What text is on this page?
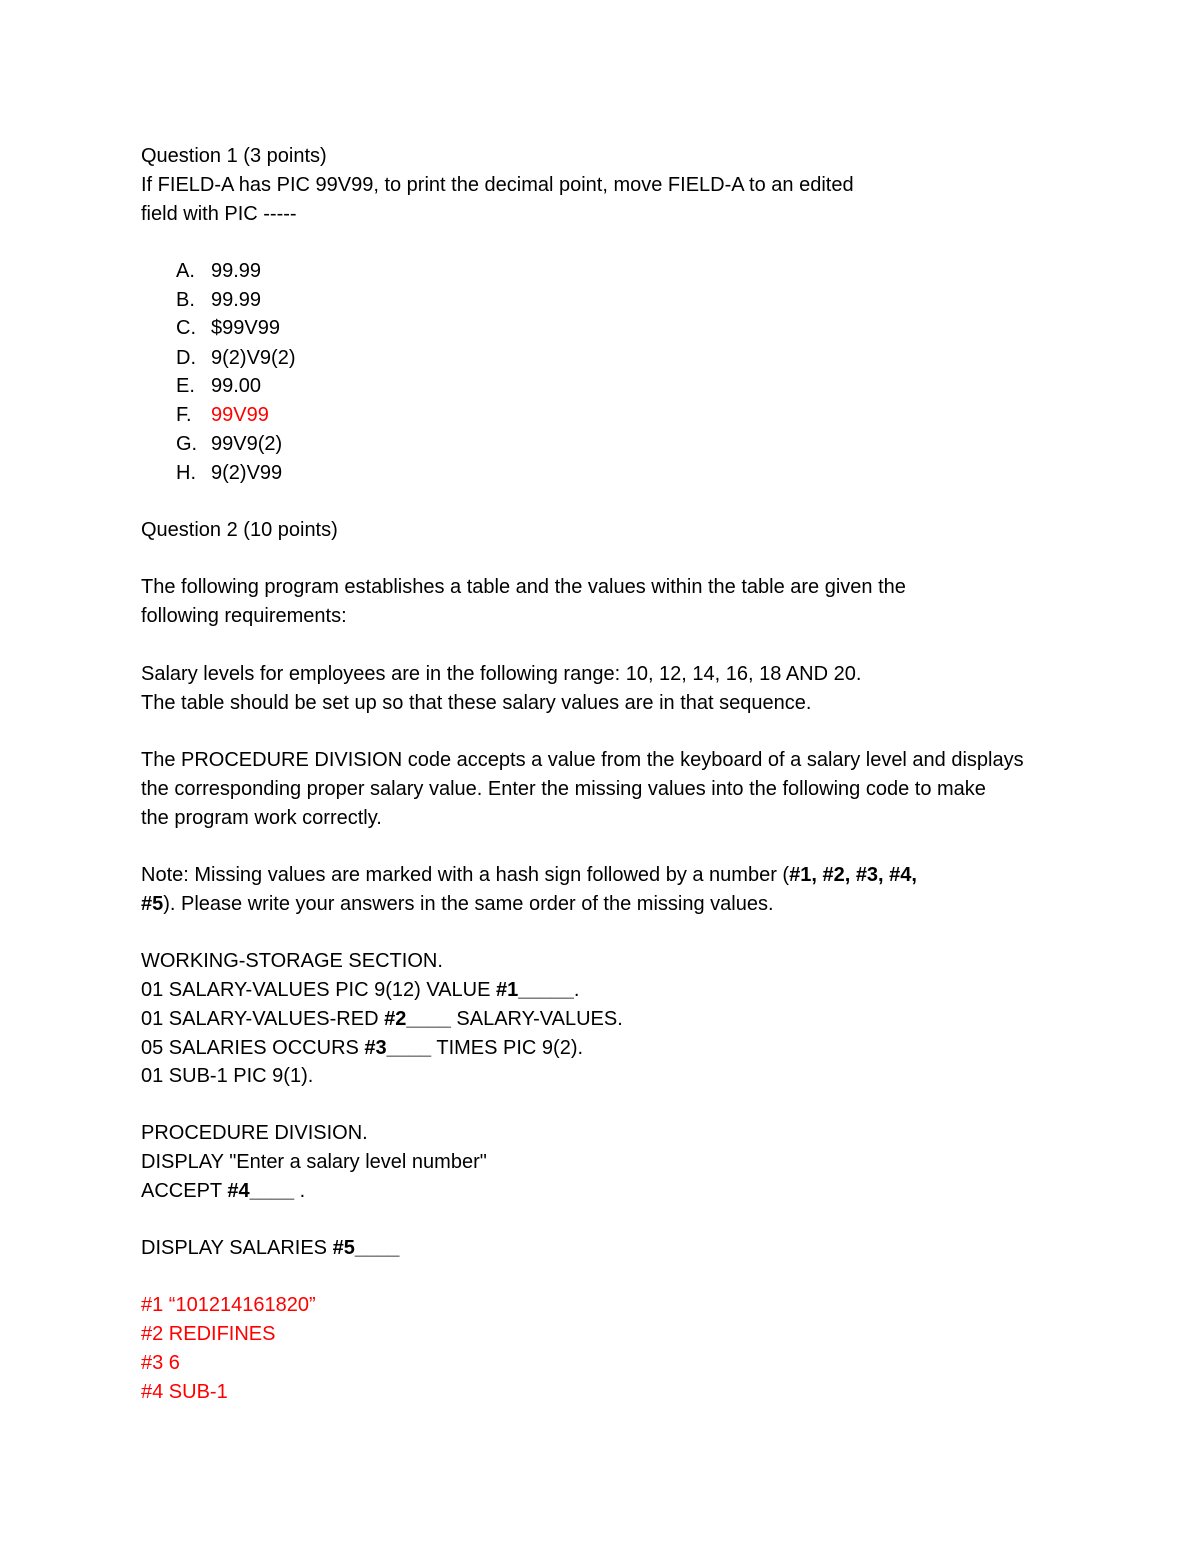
Question 1 (3 points)
If FIELD-A has PIC 99V99, to print the decimal point, move FIELD-A to an edited
field with PIC -----
A. 99.99
B. 99.99
C. $99V99
D. 9(2)V9(2)
E. 99.00
F. 99V99
G. 99V9(2)
H. 9(2)V99
Question 2 (10 points)
The following program establishes a table and the values within the table are given the
following requirements:
Salary levels for employees are in the following range: 10, 12, 14, 16, 18 AND 20.
The table should be set up so that these salary values are in that sequence.
The PROCEDURE DIVISION code accepts a value from the keyboard of a salary level and displays
the corresponding proper salary value. Enter the missing values into the following code to make
the program work correctly.
Note: Missing values are marked with a hash sign followed by a number (#1, #2, #3, #4,
#5). Please write your answers in the same order of the missing values.
WORKING-STORAGE SECTION.
01 SALARY-VALUES PIC 9(12) VALUE #1_____.
01 SALARY-VALUES-RED #2____ SALARY-VALUES.
05 SALARIES OCCURS #3____ TIMES PIC 9(2).
01 SUB-1 PIC 9(1).
PROCEDURE DIVISION.
DISPLAY "Enter a salary level number"
ACCEPT #4____ .
DISPLAY SALARIES #5____
#1 “101214161820”
#2 REDIFINES
#3 6
#4 SUB-1
